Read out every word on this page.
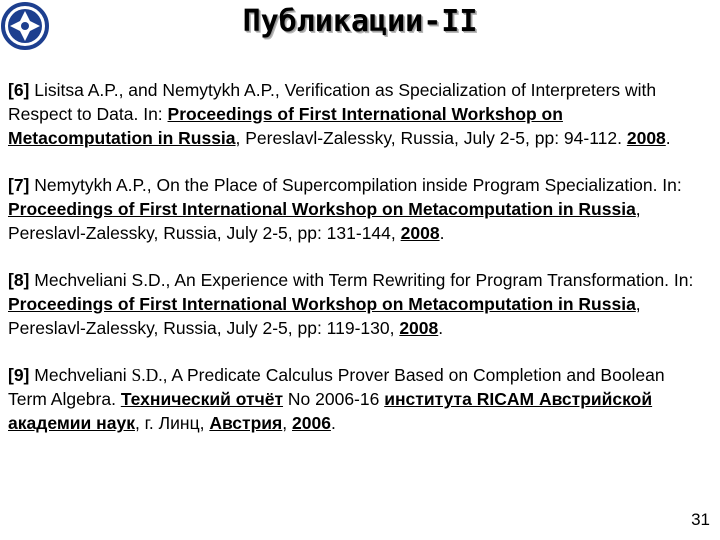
Публикации-II

[6] Lisitsa A.P., and Nemytykh A.P., Verification as Specialization of Interpreters with Respect to Data. In: Proceedings of First International Workshop on Metacomputation in Russia, Pereslavl-Zalessky, Russia, July 2-5, pp: 94-112. 2008.

[7] Nemytykh A.P., On the Place of Supercompilation inside Program Specialization. In: Proceedings of First International Workshop on Metacomputation in Russia, Pereslavl-Zalessky, Russia, July 2-5, pp: 131-144, 2008.

[8] Mechveliani S.D., An Experience with Term Rewriting for Program Transformation. In: Proceedings of First International Workshop on Metacomputation in Russia, Pereslavl-Zalessky, Russia, July 2-5, pp: 119-130, 2008.

[9] Mechveliani S.D., A Predicate Calculus Prover Based on Completion and Boolean Term Algebra. Технический отчёт No 2006-16 института RICAM Австрийской академии наук, г. Линц, Австрия, 2006.

31
